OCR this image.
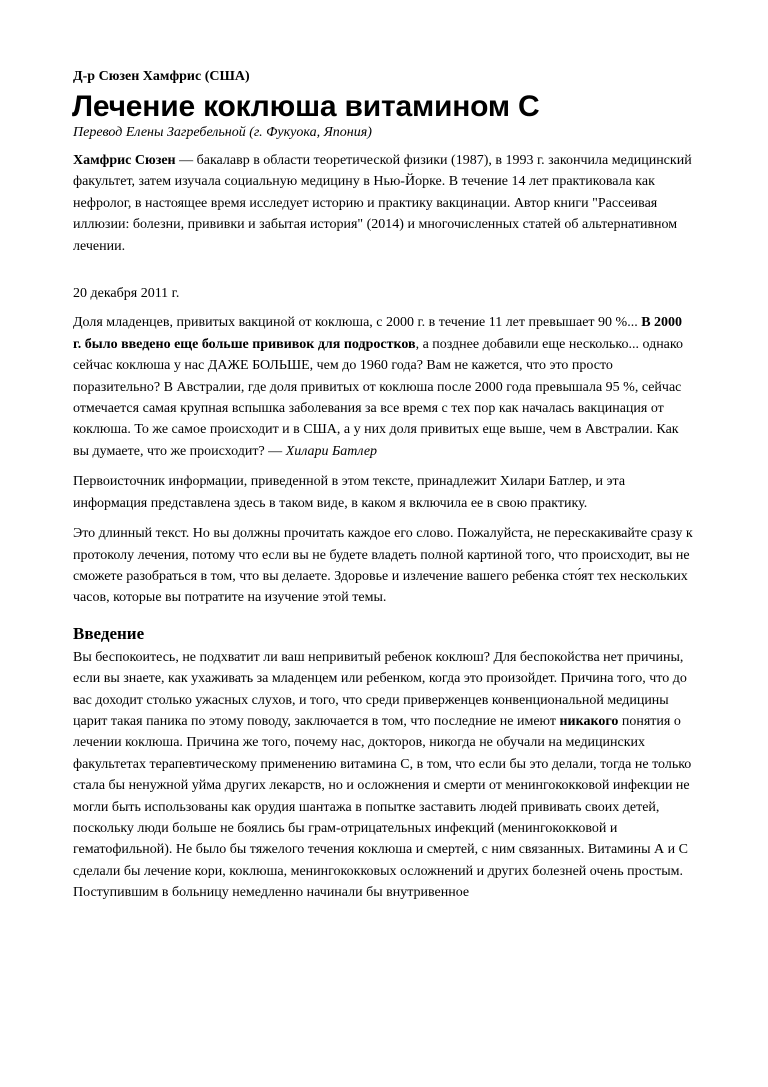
Д-р Сюзен Хамфрис (США)
Лечение коклюша витамином С
Перевод Елены Загребельной (г. Фукуока, Япония)

Хамфрис Сюзен — бакалавр в области теоретической физики (1987), в 1993 г. закончила медицинский факультет, затем изучала социальную медицину в Нью-Йорке. В течение 14 лет практиковала как нефролог, в настоящее время исследует историю и практику вакцинации. Автор книги "Рассеивая иллюзии: болезни, прививки и забытая история" (2014) и многочисленных статей об альтернативном лечении.

20 декабря 2011 г.

Доля младенцев, привитых вакциной от коклюша, с 2000 г. в течение 11 лет превышает 90 %... В 2000 г. было введено еще больше прививок для подростков, а позднее добавили еще несколько... однако сейчас коклюша у нас ДАЖЕ БОЛЬШЕ, чем до 1960 года? Вам не кажется, что это просто поразительно? В Австралии, где доля привитых от коклюша после 2000 года превышала 95 %, сейчас отмечается самая крупная вспышка заболевания за все время с тех пор как началась вакцинация от коклюша. То же самое происходит и в США, а у них доля привитых еще выше, чем в Австралии. Как вы думаете, что же происходит? — Хилари Батлер

Первоисточник информации, приведенной в этом тексте, принадлежит Хилари Батлер, и эта информация представлена здесь в таком виде, в каком я включила ее в свою практику.

Это длинный текст. Но вы должны прочитать каждое его слово. Пожалуйста, не перескакивайте сразу к протоколу лечения, потому что если вы не будете владеть полной картиной того, что происходит, вы не сможете разобраться в том, что вы делаете. Здоровье и излечение вашего ребенка сто́ят тех нескольких часов, которые вы потратите на изучение этой темы.

Введение

Вы беспокоитесь, не подхватит ли ваш непривитый ребенок коклюш? Для беспокойства нет причины, если вы знаете, как ухаживать за младенцем или ребенком, когда это произойдет. Причина того, что до вас доходит столько ужасных слухов, и того, что среди приверженцев конвенциональной медицины царит такая паника по этому поводу, заключается в том, что последние не имеют никакого понятия о лечении коклюша. Причина же того, почему нас, докторов, никогда не обучали на медицинских факультетах терапевтическому применению витамина С, в том, что если бы это делали, тогда не только стала бы ненужной уйма других лекарств, но и осложнения и смерти от менингококковой инфекции не могли быть использованы как орудия шантажа в попытке заставить людей прививать своих детей, поскольку люди больше не боялись бы грам-отрицательных инфекций (менингококковой и гематофильной). Не было бы тяжелого течения коклюша и смертей, с ним связанных. Витамины А и С сделали бы лечение кори, коклюша, менингококковых осложнений и других болезней очень простым. Поступившим в больницу немедленно начинали бы внутривенное
